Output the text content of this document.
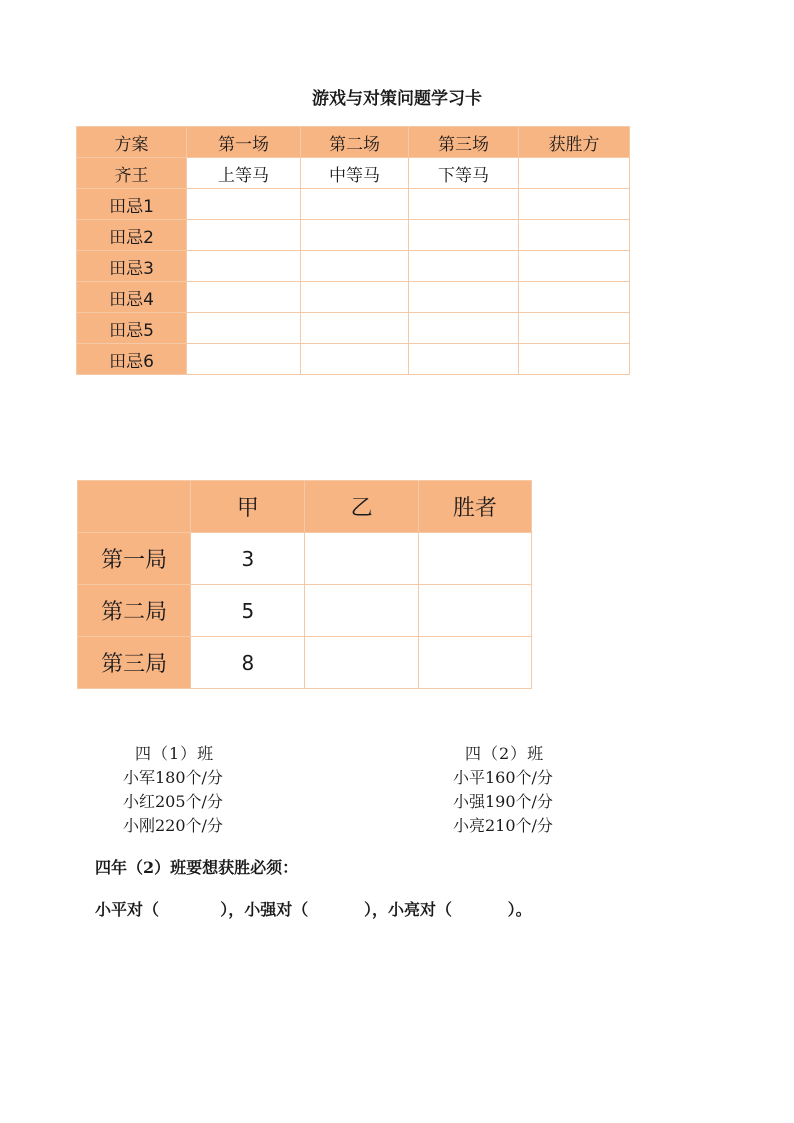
游戏与对策问题学习卡
方案	第一场	第二场	第三场	获胜方
齐王	上等马	中等马	下等马	
田忌1				
田忌2				
田忌3				
田忌4				
田忌5				
田忌6				
	甲	乙	胜者
第一局	3		
第二局	5		
第三局	8		
四（1）班
小军180个/分
小红205个/分
小刚220个/分
四（2）班
小平160个/分
小强190个/分
小亮210个/分
四年（2）班要想获胜必须：
小平对（           ），小强对（          ），小亮对（          ）。
